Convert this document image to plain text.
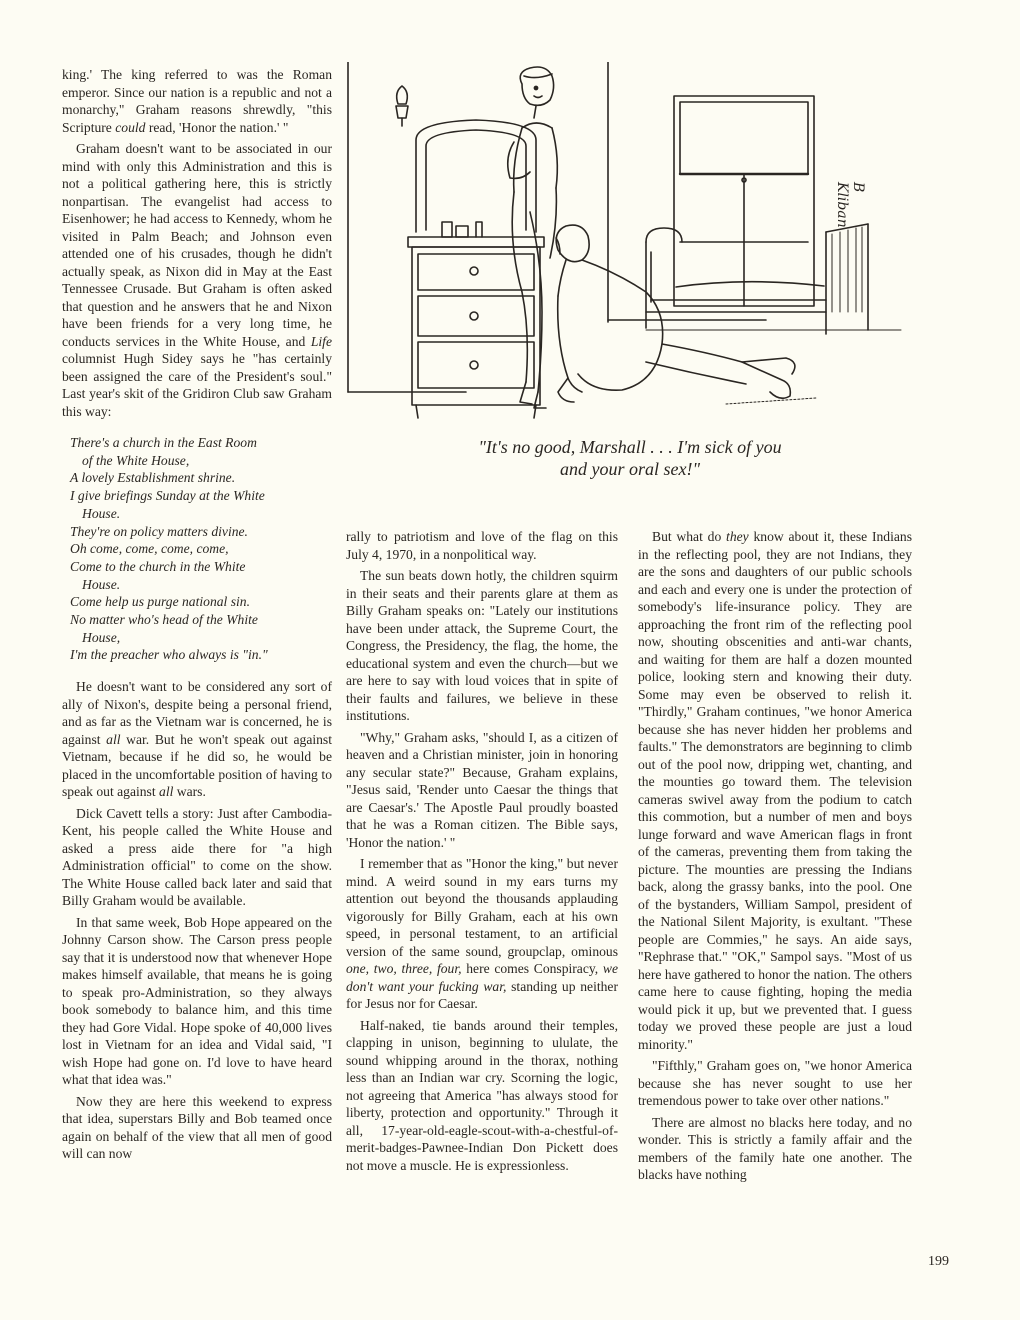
king.' The king referred to was the Roman emperor. Since our nation is a republic and not a monarchy," Graham reasons shrewdly, "this Scripture could read, 'Honor the nation.' "

Graham doesn't want to be associated in our mind with only this Administration and this is not a political gathering here, this is strictly nonpartisan. The evangelist had access to Eisenhower; he had access to Kennedy, whom he visited in Palm Beach; and Johnson even attended one of his crusades, though he didn't actually speak, as Nixon did in May at the East Tennessee Crusade. But Graham is often asked that question and he answers that he and Nixon have been friends for a very long time, he conducts services in the White House, and Life columnist Hugh Sidey says he "has certainly been assigned the care of the President's soul." Last year's skit of the Gridiron Club saw Graham this way:

There's a church in the East Room
of the White House,
A lovely Establishment shrine.
I give briefings Sunday at the White
House.
They're on policy matters divine.
Oh come, come, come, come,
Come to the church in the White
House.
Come help us purge national sin.
No matter who's head of the White
House,
I'm the preacher who always is "in."

He doesn't want to be considered any sort of ally of Nixon's, despite being a personal friend, and as far as the Vietnam war is concerned, he is against all war. But he won't speak out against Vietnam, because if he did so, he would be placed in the uncomfortable position of having to speak out against all wars.

Dick Cavett tells a story: Just after Cambodia-Kent, his people called the White House and asked a press aide there for "a high Administration official" to come on the show. The White House called back later and said that Billy Graham would be available.

In that same week, Bob Hope appeared on the Johnny Carson show. The Carson press people say that it is understood now that whenever Hope makes himself available, that means he is going to speak pro-Administration, so they always book somebody to balance him, and this time they had Gore Vidal. Hope spoke of 40,000 lives lost in Vietnam for an idea and Vidal said, "I wish Hope had gone on. I'd love to have heard what that idea was."

Now they are here this weekend to express that idea, superstars Billy and Bob teamed once again on behalf of the view that all men of good will can now

B Kliban
"It's no good, Marshall . . . I'm sick of you
and your oral sex!"

rally to patriotism and love of the flag on this July 4, 1970, in a nonpolitical way.

The sun beats down hotly, the children squirm in their seats and their parents glare at them as Billy Graham speaks on: "Lately our institutions have been under attack, the Supreme Court, the Congress, the Presidency, the flag, the home, the educational system and even the church—but we are here to say with loud voices that in spite of their faults and failures, we believe in these institutions.

"Why," Graham asks, "should I, as a citizen of heaven and a Christian minister, join in honoring any secular state?" Because, Graham explains, "Jesus said, 'Render unto Caesar the things that are Caesar's.' The Apostle Paul proudly boasted that he was a Roman citizen. The Bible says, 'Honor the nation.' "

I remember that as "Honor the king," but never mind. A weird sound in my ears turns my attention out beyond the thousands applauding vigorously for Billy Graham, each at his own speed, in personal testament, to an artificial version of the same sound, groupclap, ominous one, two, three, four, here comes Conspiracy, we don't want your fucking war, standing up neither for Jesus nor for Caesar.

Half-naked, tie bands around their temples, clapping in unison, beginning to ululate, the sound whipping around in the thorax, nothing less than an Indian war cry. Scorning the logic, not agreeing that America "has always stood for liberty, protection and opportunity." Through it all, 17-year-old-eagle-scout-with-a-chestful-of-merit-badges-Pawnee-Indian Don Pickett does not move a muscle. He is expressionless.

But what do they know about it, these Indians in the reflecting pool, they are not Indians, they are the sons and daughters of our public schools and each and every one is under the protection of somebody's life-insurance policy. They are approaching the front rim of the reflecting pool now, shouting obscenities and anti-war chants, and waiting for them are half a dozen mounted police, looking stern and knowing their duty. Some may even be observed to relish it. "Thirdly," Graham continues, "we honor America because she has never hidden her problems and faults." The demonstrators are beginning to climb out of the pool now, dripping wet, chanting, and the mounties go toward them. The television cameras swivel away from the podium to catch this commotion, but a number of men and boys lunge forward and wave American flags in front of the cameras, preventing them from taking the picture. The mounties are pressing the Indians back, along the grassy banks, into the pool. One of the bystanders, William Sampol, president of the National Silent Majority, is exultant. "These people are Commies," he says. An aide says, "Rephrase that." "OK," Sampol says. "Most of us here have gathered to honor the nation. The others came here to cause fighting, hoping the media would pick it up, but we prevented that. I guess today we proved these people are just a loud minority."

"Fifthly," Graham goes on, "we honor America because she has never sought to use her tremendous power to take over other nations."

There are almost no blacks here today, and no wonder. This is strictly a family affair and the members of the family hate one another. The blacks have nothing

199
